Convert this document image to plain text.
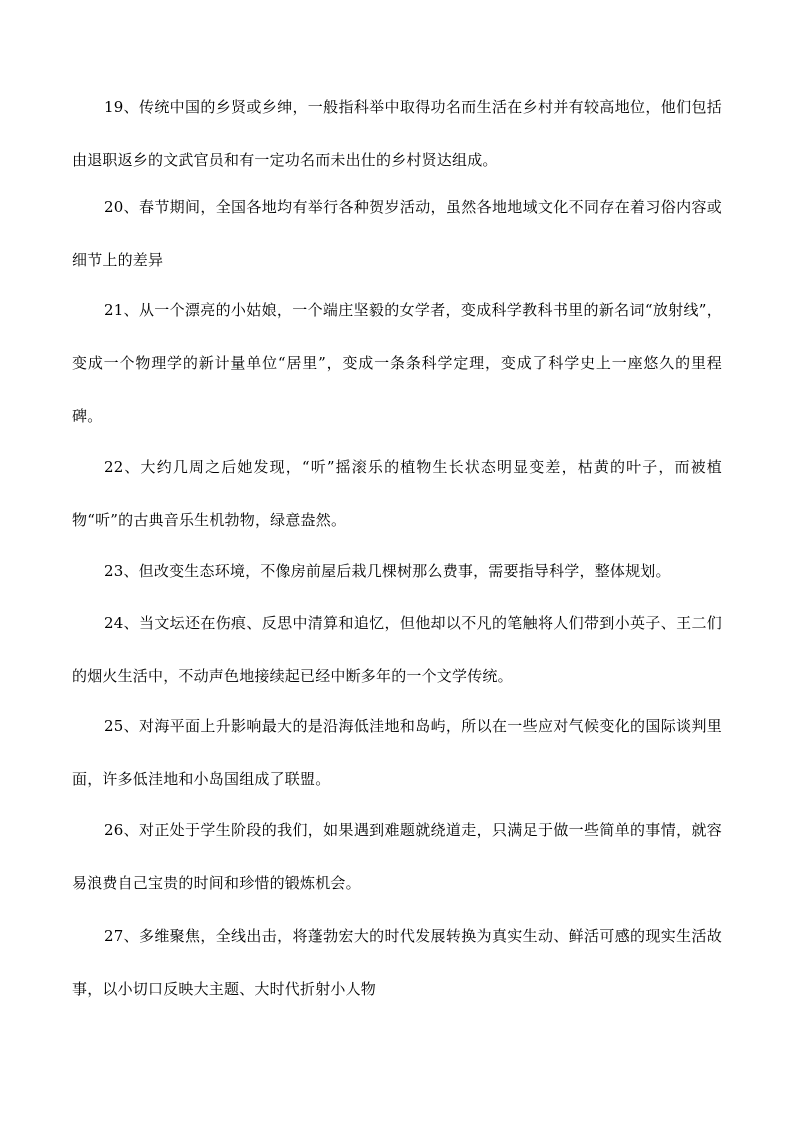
19、传统中国的乡贤或乡绅，一般指科举中取得功名而生活在乡村并有较高地位，他们包括由退职返乡的文武官员和有一定功名而未出仕的乡村贤达组成。

20、春节期间，全国各地均有举行各种贺岁活动，虽然各地地域文化不同存在着习俗内容或细节上的差异

21、从一个漂亮的小姑娘，一个端庄坚毅的女学者，变成科学教科书里的新名词“放射线”，变成一个物理学的新计量单位“居里”，变成一条条科学定理，变成了科学史上一座悠久的里程碑。

22、大约几周之后她发现，“听”摇滚乐的植物生长状态明显变差，枯黄的叶子，而被植物“听”的古典音乐生机勃物，绿意盎然。

23、但改变生态环境，不像房前屋后栽几棵树那么费事，需要指导科学，整体规划。

24、当文坛还在伤痕、反思中清算和追忆，但他却以不凡的笔触将人们带到小英子、王二们的烟火生活中，不动声色地接续起已经中断多年的一个文学传统。

25、对海平面上升影响最大的是沿海低洼地和岛屿，所以在一些应对气候变化的国际谈判里面，许多低洼地和小岛国组成了联盟。

26、对正处于学生阶段的我们，如果遇到难题就绕道走，只满足于做一些简单的事情，就容易浪费自己宝贵的时间和珍惜的锻炼机会。

27、多维聚焦，全线出击，将蓬勃宏大的时代发展转换为真实生动、鲜活可感的现实生活故事，以小切口反映大主题、大时代折射小人物
